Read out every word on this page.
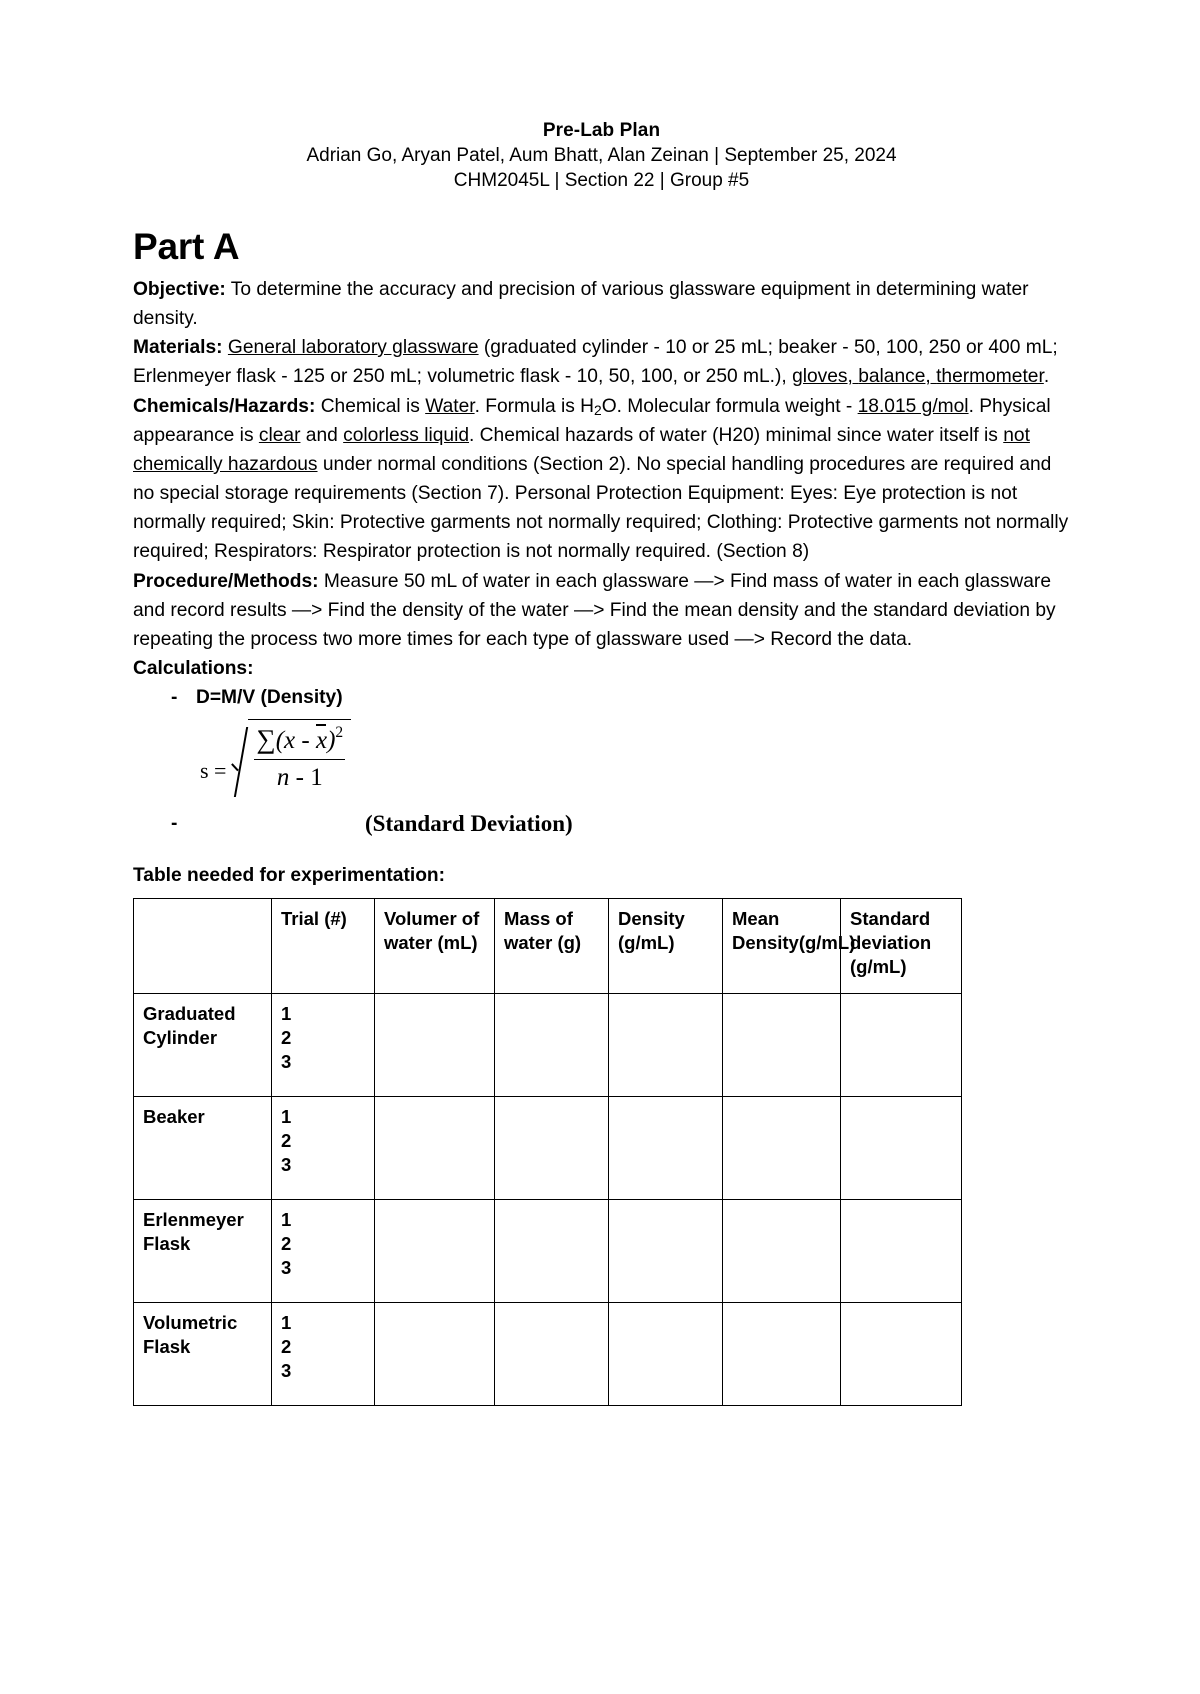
Pre-Lab Plan
Adrian Go, Aryan Patel, Aum Bhatt, Alan Zeinan | September 25, 2024
CHM2045L | Section 22 | Group #5
Part A

Objective: To determine the accuracy and precision of various glassware equipment in determining water density.

Materials: General laboratory glassware (graduated cylinder - 10 or 25 mL; beaker - 50, 100, 250 or 400 mL; Erlenmeyer flask - 125 or 250 mL; volumetric flask - 10, 50, 100, or 250 mL.), gloves, balance, thermometer.

Chemicals/Hazards: Chemical is Water. Formula is $H_2O$. Molecular formula weight - 18.015 g/mol. Physical appearance is clear and colorless liquid. Chemical hazards of water (H20) minimal since water itself is not chemically hazardous under normal conditions (Section 2). No special handling procedures are required and no special storage requirements (Section 7). Personal Protection Equipment: Eyes: Eye protection is not normally required; Skin: Protective garments not normally required; Clothing: Protective garments not normally required; Respirators: Respirator protection is not normally required. (Section 8)

Procedure/Methods: Measure 50 mL of water in each glassware —> Find mass of water in each glassware and record results —> Find the density of the water —> Find the mean density and the standard deviation by repeating the process two more times for each type of glassware used —> Record the data.

Calculations:

- D=M/V (Density)
$s = \frac{\sum(x - x)^2}{n - 1}$
-	(Standard Deviation)
Table needed for experimentation:
	Trial (#)	Volumer of water (mL)	Mass of water (g)	Density (g/mL)	Mean Density(g/mL)	Standard deviation (g/mL)
Graduated Cylinder	1
2
3					
Beaker	1
2
3					
Erlenmeyer Flask	1
2
3					
Volumetric Flask	1
2
3					
